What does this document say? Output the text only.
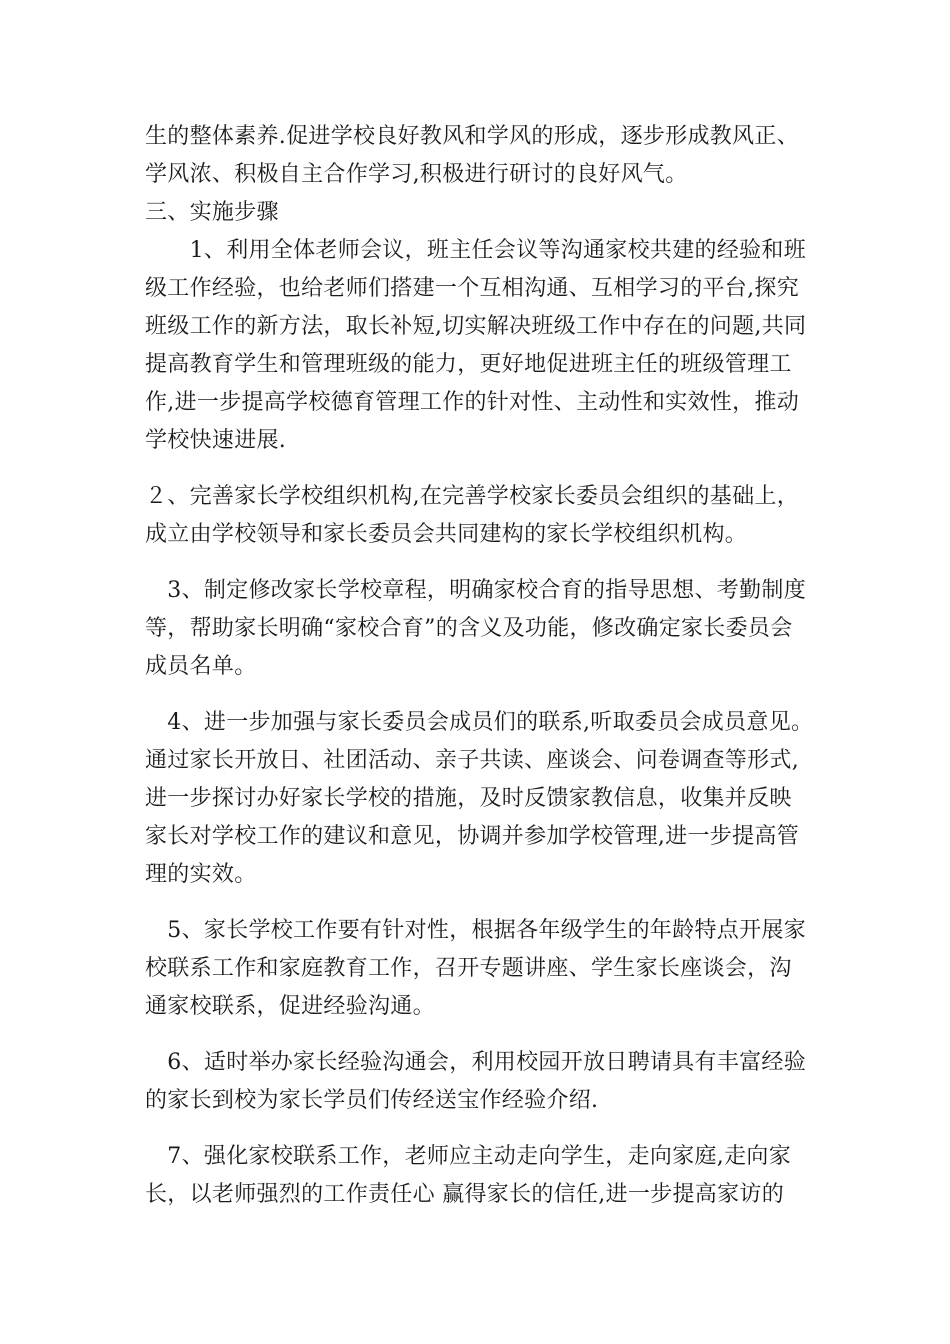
生的整体素养.促进学校良好教风和学风的形成，逐步形成教风正、
学风浓、积极自主合作学习,积极进行研讨的良好风气。
三、实施步骤
　　1、利用全体老师会议，班主任会议等沟通家校共建的经验和班
级工作经验，也给老师们搭建一个互相沟通、互相学习的平台,探究
班级工作的新方法，取长补短,切实解决班级工作中存在的问题,共同
提高教育学生和管理班级的能力，更好地促进班主任的班级管理工
作,进一步提高学校德育管理工作的针对性、主动性和实效性，推动
学校快速进展.
２、完善家长学校组织机构,在完善学校家长委员会组织的基础上，
成立由学校领导和家长委员会共同建构的家长学校组织机构。
　3、制定修改家长学校章程，明确家校合育的指导思想、考勤制度
等，帮助家长明确“家校合育”的含义及功能，修改确定家长委员会
成员名单。
　4、进一步加强与家长委员会成员们的联系,听取委员会成员意见。
通过家长开放日、社团活动、亲子共读、座谈会、问卷调查等形式,
进一步探讨办好家长学校的措施，及时反馈家教信息，收集并反映
家长对学校工作的建议和意见，协调并参加学校管理,进一步提高管
理的实效。
　5、家长学校工作要有针对性，根据各年级学生的年龄特点开展家
校联系工作和家庭教育工作，召开专题讲座、学生家长座谈会，沟
通家校联系，促进经验沟通。
　6、适时举办家长经验沟通会，利用校园开放日聘请具有丰富经验
的家长到校为家长学员们传经送宝作经验介绍.
　7、强化家校联系工作，老师应主动走向学生，走向家庭,走向家
长，以老师强烈的工作责任心 赢得家长的信任,进一步提高家访的
